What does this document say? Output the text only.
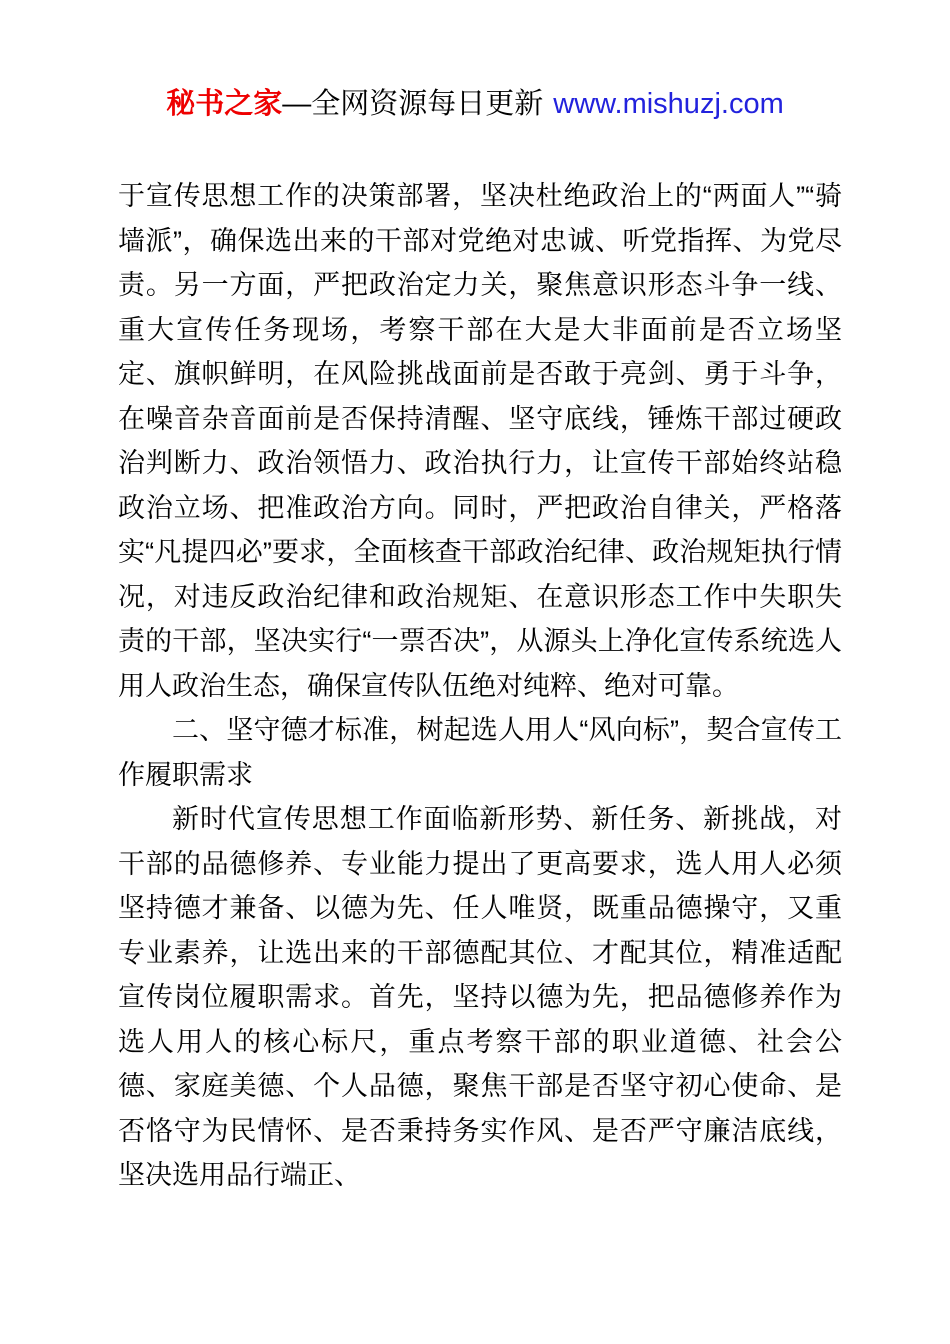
秘书之家—全网资源每日更新 www.mishuzj.com

于宣传思想工作的决策部署，坚决杜绝政治上的“两面人”“骑墙派”，确保选出来的干部对党绝对忠诚、听党指挥、为党尽责。另一方面，严把政治定力关，聚焦意识形态斗争一线、重大宣传任务现场，考察干部在大是大非面前是否立场坚定、旗帜鲜明，在风险挑战面前是否敢于亮剑、勇于斗争，在噪音杂音面前是否保持清醒、坚守底线，锤炼干部过硬政治判断力、政治领悟力、政治执行力，让宣传干部始终站稳政治立场、把准政治方向。同时，严把政治自律关，严格落实“凡提四必”要求，全面核查干部政治纪律、政治规矩执行情况，对违反政治纪律和政治规矩、在意识形态工作中失职失责的干部，坚决实行“一票否决”，从源头上净化宣传系统选人用人政治生态，确保宣传队伍绝对纯粹、绝对可靠。

二、坚守德才标准，树起选人用人“风向标”，契合宣传工作履职需求

新时代宣传思想工作面临新形势、新任务、新挑战，对干部的品德修养、专业能力提出了更高要求，选人用人必须坚持德才兼备、以德为先、任人唯贤，既重品德操守，又重专业素养，让选出来的干部德配其位、才配其位，精准适配宣传岗位履职需求。首先，坚持以德为先，把品德修养作为选人用人的核心标尺，重点考察干部的职业道德、社会公德、家庭美德、个人品德，聚焦干部是否坚守初心使命、是否恪守为民情怀、是否秉持务实作风、是否严守廉洁底线，坚决选用品行端正、
